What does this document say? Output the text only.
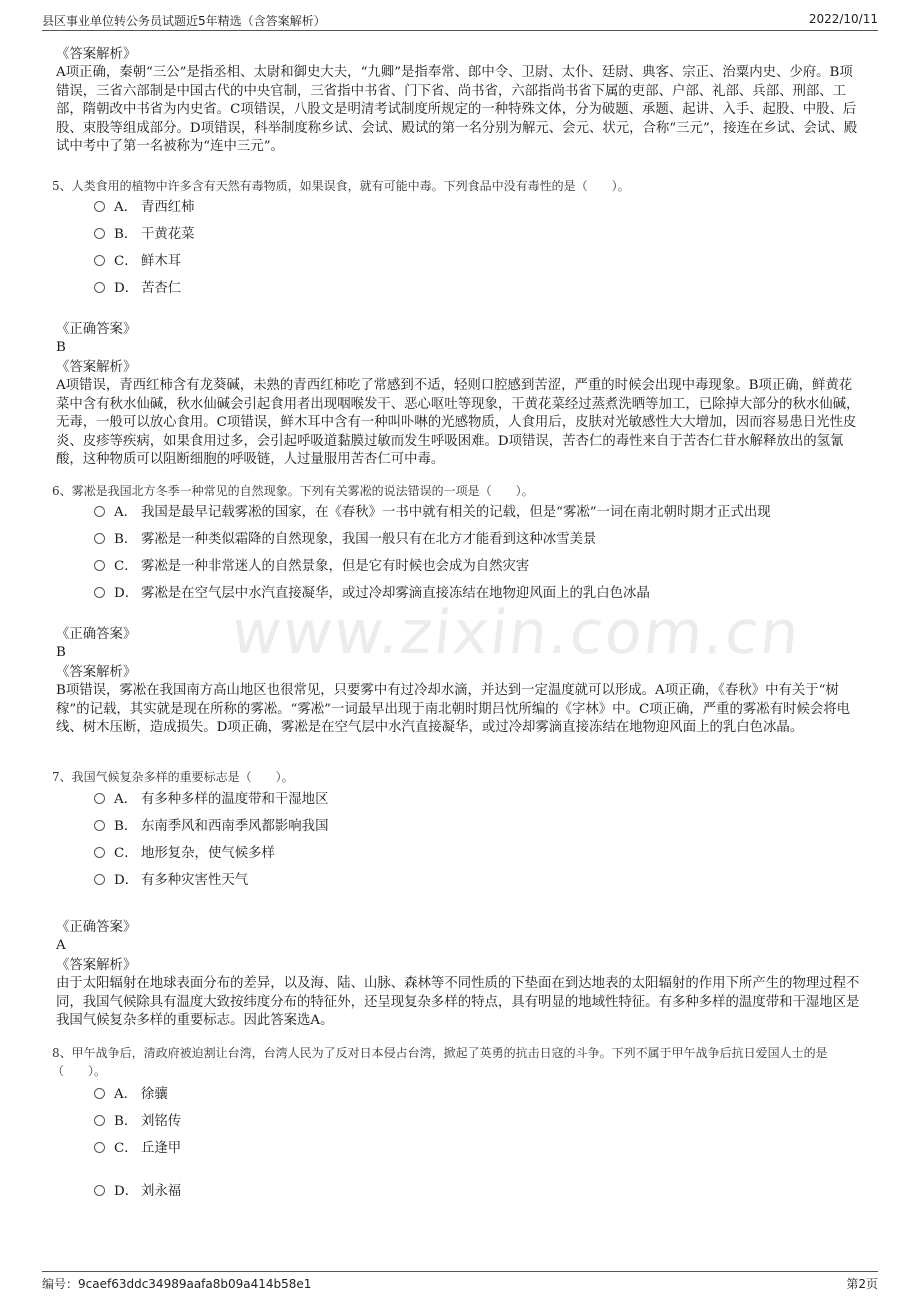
县区事业单位转公务员试题近5年精选（含答案解析）	2022/10/11
www.zixin.com.cn
《答案解析》
A项正确，秦朝“三公”是指丞相、太尉和御史大夫，“九卿”是指奉常、郎中令、卫尉、太仆、廷尉、典客、宗正、治粟内史、少府。B项错误，三省六部制是中国古代的中央官制，三省指中书省、门下省、尚书省，六部指尚书省下属的吏部、户部、礼部、兵部、刑部、工部，隋朝改中书省为内史省。C项错误，八股文是明清考试制度所规定的一种特殊文体，分为破题、承题、起讲、入手、起股、中股、后股、束股等组成部分。D项错误，科举制度称乡试、会试、殿试的第一名分别为解元、会元、状元，合称“三元”，接连在乡试、会试、殿试中考中了第一名被称为“连中三元”。
5、人类食用的植物中许多含有天然有毒物质，如果误食，就有可能中毒。下列食品中没有毒性的是（　　）。
A． 青西红柿
B． 干黄花菜
C． 鲜木耳
D． 苦杏仁
《正确答案》
B
《答案解析》
A项错误，青西红柿含有龙葵碱，未熟的青西红柿吃了常感到不适，轻则口腔感到苦涩，严重的时候会出现中毒现象。B项正确，鲜黄花菜中含有秋水仙碱，秋水仙碱会引起食用者出现咽喉发干、恶心呕吐等现象，干黄花菜经过蒸煮洗晒等加工，已除掉大部分的秋水仙碱，无毒，一般可以放心食用。C项错误，鲜木耳中含有一种叫卟啉的光感物质，人食用后，皮肤对光敏感性大大增加，因而容易患日光性皮炎、皮疹等疾病，如果食用过多，会引起呼吸道黏膜过敏而发生呼吸困难。D项错误，苦杏仁的毒性来自于苦杏仁苷水解释放出的氢氰酸，这种物质可以阻断细胞的呼吸链，人过量服用苦杏仁可中毒。
6、雾凇是我国北方冬季一种常见的自然现象。下列有关雾凇的说法错误的一项是（　　）。
A． 我国是最早记载雾凇的国家，在《春秋》一书中就有相关的记载，但是“雾凇”一词在南北朝时期才正式出现
B． 雾凇是一种类似霜降的自然现象，我国一般只有在北方才能看到这种冰雪美景
C． 雾凇是一种非常迷人的自然景象，但是它有时候也会成为自然灾害
D． 雾凇是在空气层中水汽直接凝华，或过冷却雾滴直接冻结在地物迎风面上的乳白色冰晶
《正确答案》
B
《答案解析》
B项错误，雾凇在我国南方高山地区也很常见，只要雾中有过冷却水滴，并达到一定温度就可以形成。A项正确，《春秋》中有关于“树稼”的记载，其实就是现在所称的雾凇。“雾凇”一词最早出现于南北朝时期吕忱所编的《字林》中。C项正确，严重的雾凇有时候会将电线、树木压断，造成损失。D项正确，雾凇是在空气层中水汽直接凝华，或过冷却雾滴直接冻结在地物迎风面上的乳白色冰晶。
7、我国气候复杂多样的重要标志是（　　）。
A． 有多种多样的温度带和干湿地区
B． 东南季风和西南季风都影响我国
C． 地形复杂，使气候多样
D． 有多种灾害性天气
《正确答案》
A
《答案解析》
由于太阳辐射在地球表面分布的差异，以及海、陆、山脉、森林等不同性质的下垫面在到达地表的太阳辐射的作用下所产生的物理过程不同，我国气候除具有温度大致按纬度分布的特征外，还呈现复杂多样的特点，具有明显的地域性特征。有多种多样的温度带和干湿地区是我国气候复杂多样的重要标志。因此答案选A。
8、甲午战争后，清政府被迫割让台湾，台湾人民为了反对日本侵占台湾，掀起了英勇的抗击日寇的斗争。下列不属于甲午战争后抗日爱国人士的是（　　）。
A． 徐骧
B． 刘铭传
C． 丘逢甲
D． 刘永福
编号：9caef63ddc34989aafa8b09a414b58e1	第2页
